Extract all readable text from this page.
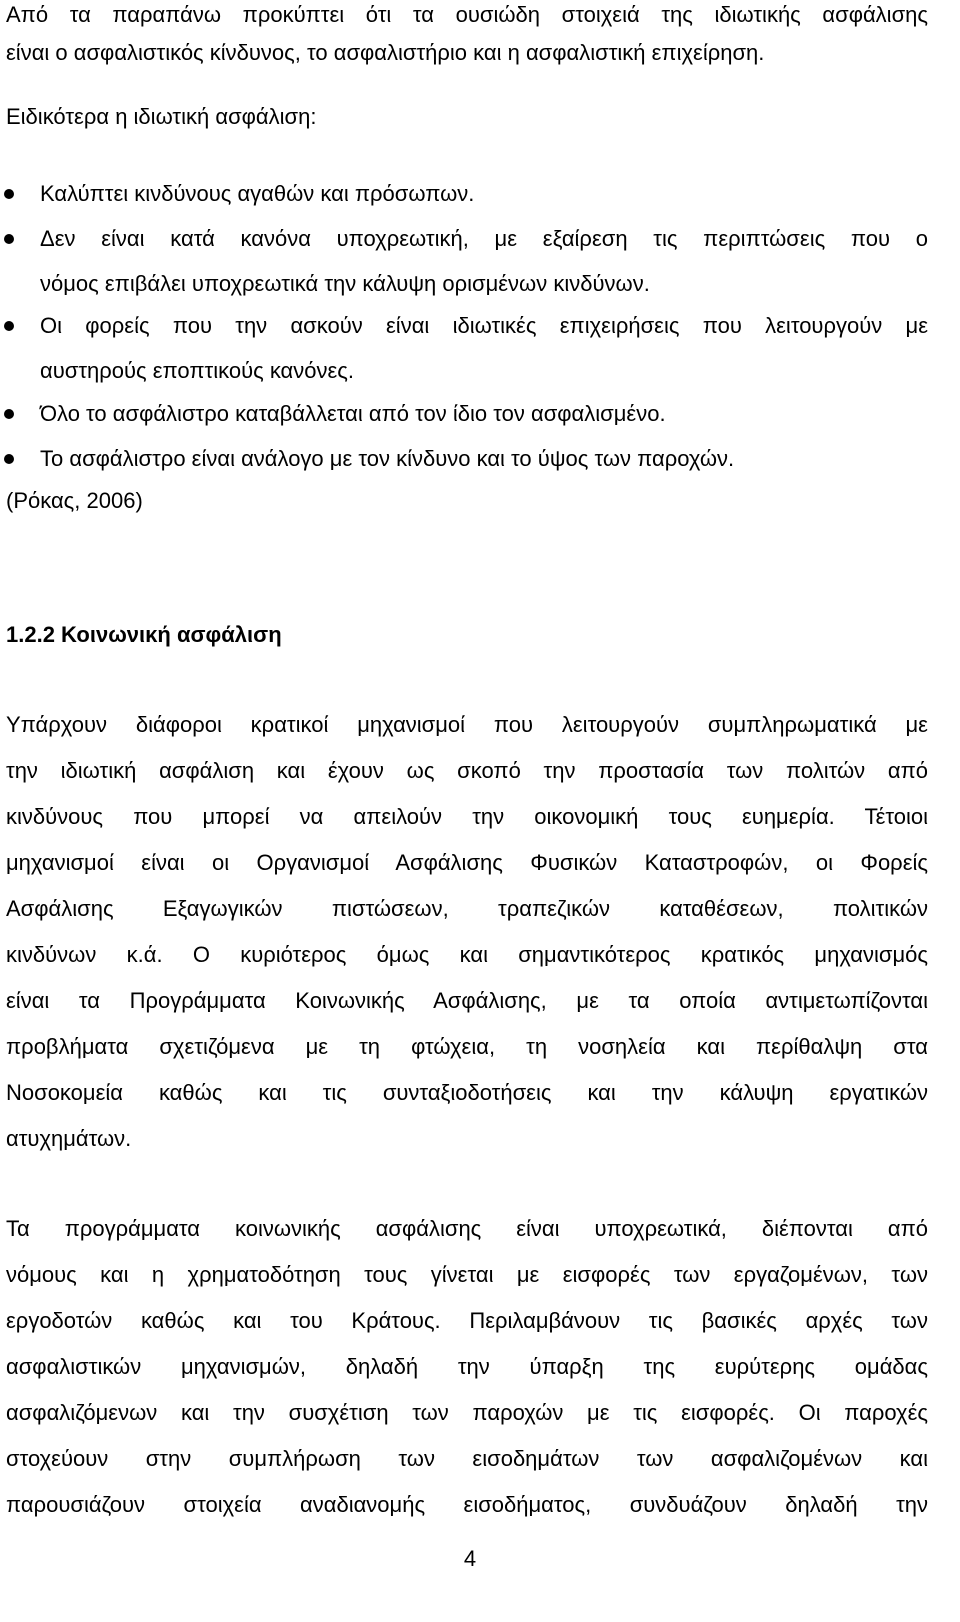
Από τα παραπάνω προκύπτει ότι τα ουσιώδη στοιχειά της ιδιωτικής ασφάλισης
είναι ο ασφαλιστικός κίνδυνος, το ασφαλιστήριο και η ασφαλιστική επιχείρηση.
Ειδικότερα η ιδιωτική ασφάλιση:
Καλύπτει κινδύνους αγαθών και πρόσωπων.
Δεν είναι κατά κανόνα υποχρεωτική, με εξαίρεση τις περιπτώσεις που ο
νόμος επιβάλει υποχρεωτικά την κάλυψη ορισμένων κινδύνων.
Οι φορείς που την ασκούν είναι ιδιωτικές επιχειρήσεις που λειτουργούν με
αυστηρούς εποπτικούς κανόνες.
Όλο το ασφάλιστρο καταβάλλεται από τον ίδιο τον ασφαλισμένο.
Το ασφάλιστρο είναι ανάλογο με τον κίνδυνο και το ύψος των παροχών.
(Ρόκας, 2006)
1.2.2 Κοινωνική ασφάλιση
Υπάρχουν διάφοροι κρατικοί μηχανισμοί που λειτουργούν συμπληρωματικά με
την ιδιωτική ασφάλιση και έχουν ως σκοπό την προστασία των πολιτών από
κινδύνους που μπορεί να απειλούν την οικονομική τους ευημερία. Τέτοιοι
μηχανισμοί είναι οι Οργανισμοί Ασφάλισης Φυσικών Καταστροφών, οι Φορείς
Ασφάλισης Εξαγωγικών πιστώσεων, τραπεζικών καταθέσεων, πολιτικών
κινδύνων κ.ά. Ο κυριότερος όμως και σημαντικότερος κρατικός μηχανισμός
είναι τα Προγράμματα Κοινωνικής Ασφάλισης, με τα οποία αντιμετωπίζονται
προβλήματα σχετιζόμενα με τη φτώχεια, τη νοσηλεία και περίθαλψη στα
Νοσοκομεία καθώς και τις συνταξιοδοτήσεις και την κάλυψη εργατικών
ατυχημάτων.
Τα προγράμματα κοινωνικής ασφάλισης είναι υποχρεωτικά, διέπονται από
νόμους και η χρηματοδότηση τους γίνεται με εισφορές των εργαζομένων, των
εργοδοτών καθώς και του Κράτους. Περιλαμβάνουν τις βασικές αρχές των
ασφαλιστικών μηχανισμών, δηλαδή την ύπαρξη της ευρύτερης ομάδας
ασφαλιζόμενων και την συσχέτιση των παροχών με τις εισφορές. Οι παροχές
στοχεύουν στην συμπλήρωση των εισοδημάτων των ασφαλιζομένων και
παρουσιάζουν στοιχεία αναδιανομής εισοδήματος, συνδυάζουν δηλαδή την
4
